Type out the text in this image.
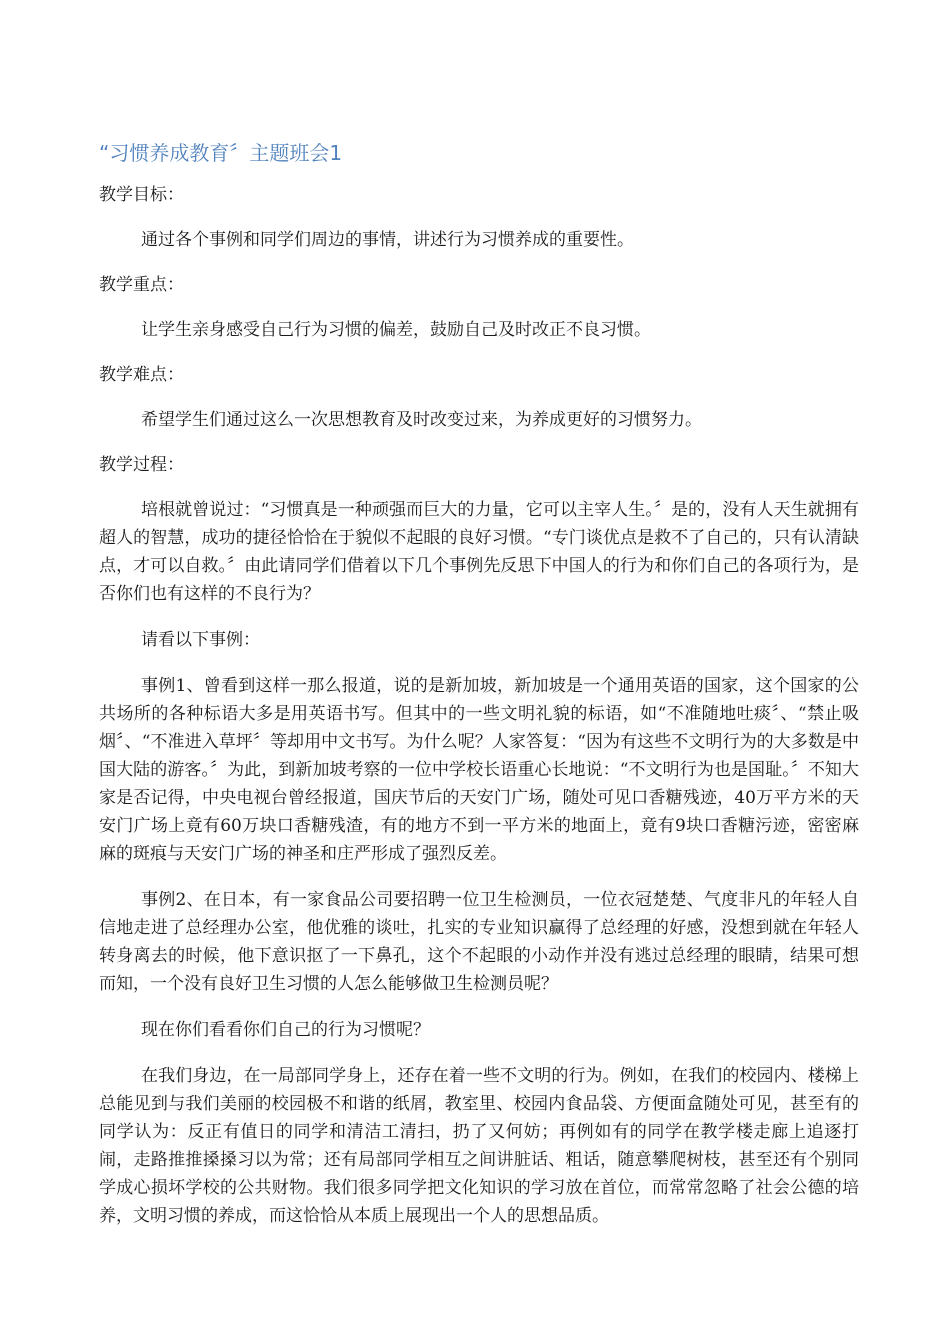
“习惯养成教育〞主题班会1
教学目标：

通过各个事例和同学们周边的事情，讲述行为习惯养成的重要性。

教学重点：

让学生亲身感受自己行为习惯的偏差，鼓励自己及时改正不良习惯。

教学难点：

希望学生们通过这么一次思想教育及时改变过来，为养成更好的习惯努力。

教学过程：

培根就曾说过：“习惯真是一种顽强而巨大的力量，它可以主宰人生。〞是的，没有人天生就拥有超人的智慧，成功的捷径恰恰在于貌似不起眼的良好习惯。“专门谈优点是救不了自己的，只有认清缺点，才可以自救。〞由此请同学们借着以下几个事例先反思下中国人的行为和你们自己的各项行为，是否你们也有这样的不良行为？

请看以下事例：

事例1、曾看到这样一那么报道，说的是新加坡，新加坡是一个通用英语的国家，这个国家的公共场所的各种标语大多是用英语书写。但其中的一些文明礼貌的标语，如“不准随地吐痰〞、“禁止吸烟〞、“不准进入草坪〞等却用中文书写。为什么呢？人家答复：“因为有这些不文明行为的大多数是中国大陆的游客。〞为此，到新加坡考察的一位中学校长语重心长地说：“不文明行为也是国耻。〞不知大家是否记得，中央电视台曾经报道，国庆节后的天安门广场，随处可见口香糖残迹，40万平方米的天安门广场上竟有60万块口香糖残渣，有的地方不到一平方米的地面上，竟有9块口香糖污迹，密密麻麻的斑痕与天安门广场的神圣和庄严形成了强烈反差。

事例2、在日本，有一家食品公司要招聘一位卫生检测员，一位衣冠楚楚、气度非凡的年轻人自信地走进了总经理办公室，他优雅的谈吐，扎实的专业知识赢得了总经理的好感，没想到就在年轻人转身离去的时候，他下意识抠了一下鼻孔，这个不起眼的小动作并没有逃过总经理的眼睛，结果可想而知，一个没有良好卫生习惯的人怎么能够做卫生检测员呢？

现在你们看看你们自己的行为习惯呢？

在我们身边，在一局部同学身上，还存在着一些不文明的行为。例如，在我们的校园内、楼梯上总能见到与我们美丽的校园极不和谐的纸屑，教室里、校园内食品袋、方便面盒随处可见，甚至有的同学认为：反正有值日的同学和清洁工清扫，扔了又何妨；再例如有的同学在教学楼走廊上追逐打闹，走路推推搡搡习以为常；还有局部同学相互之间讲脏话、粗话，随意攀爬树枝，甚至还有个别同学成心损坏学校的公共财物。我们很多同学把文化知识的学习放在首位，而常常忽略了社会公德的培养，文明习惯的养成，而这恰恰从本质上展现出一个人的思想品质。
